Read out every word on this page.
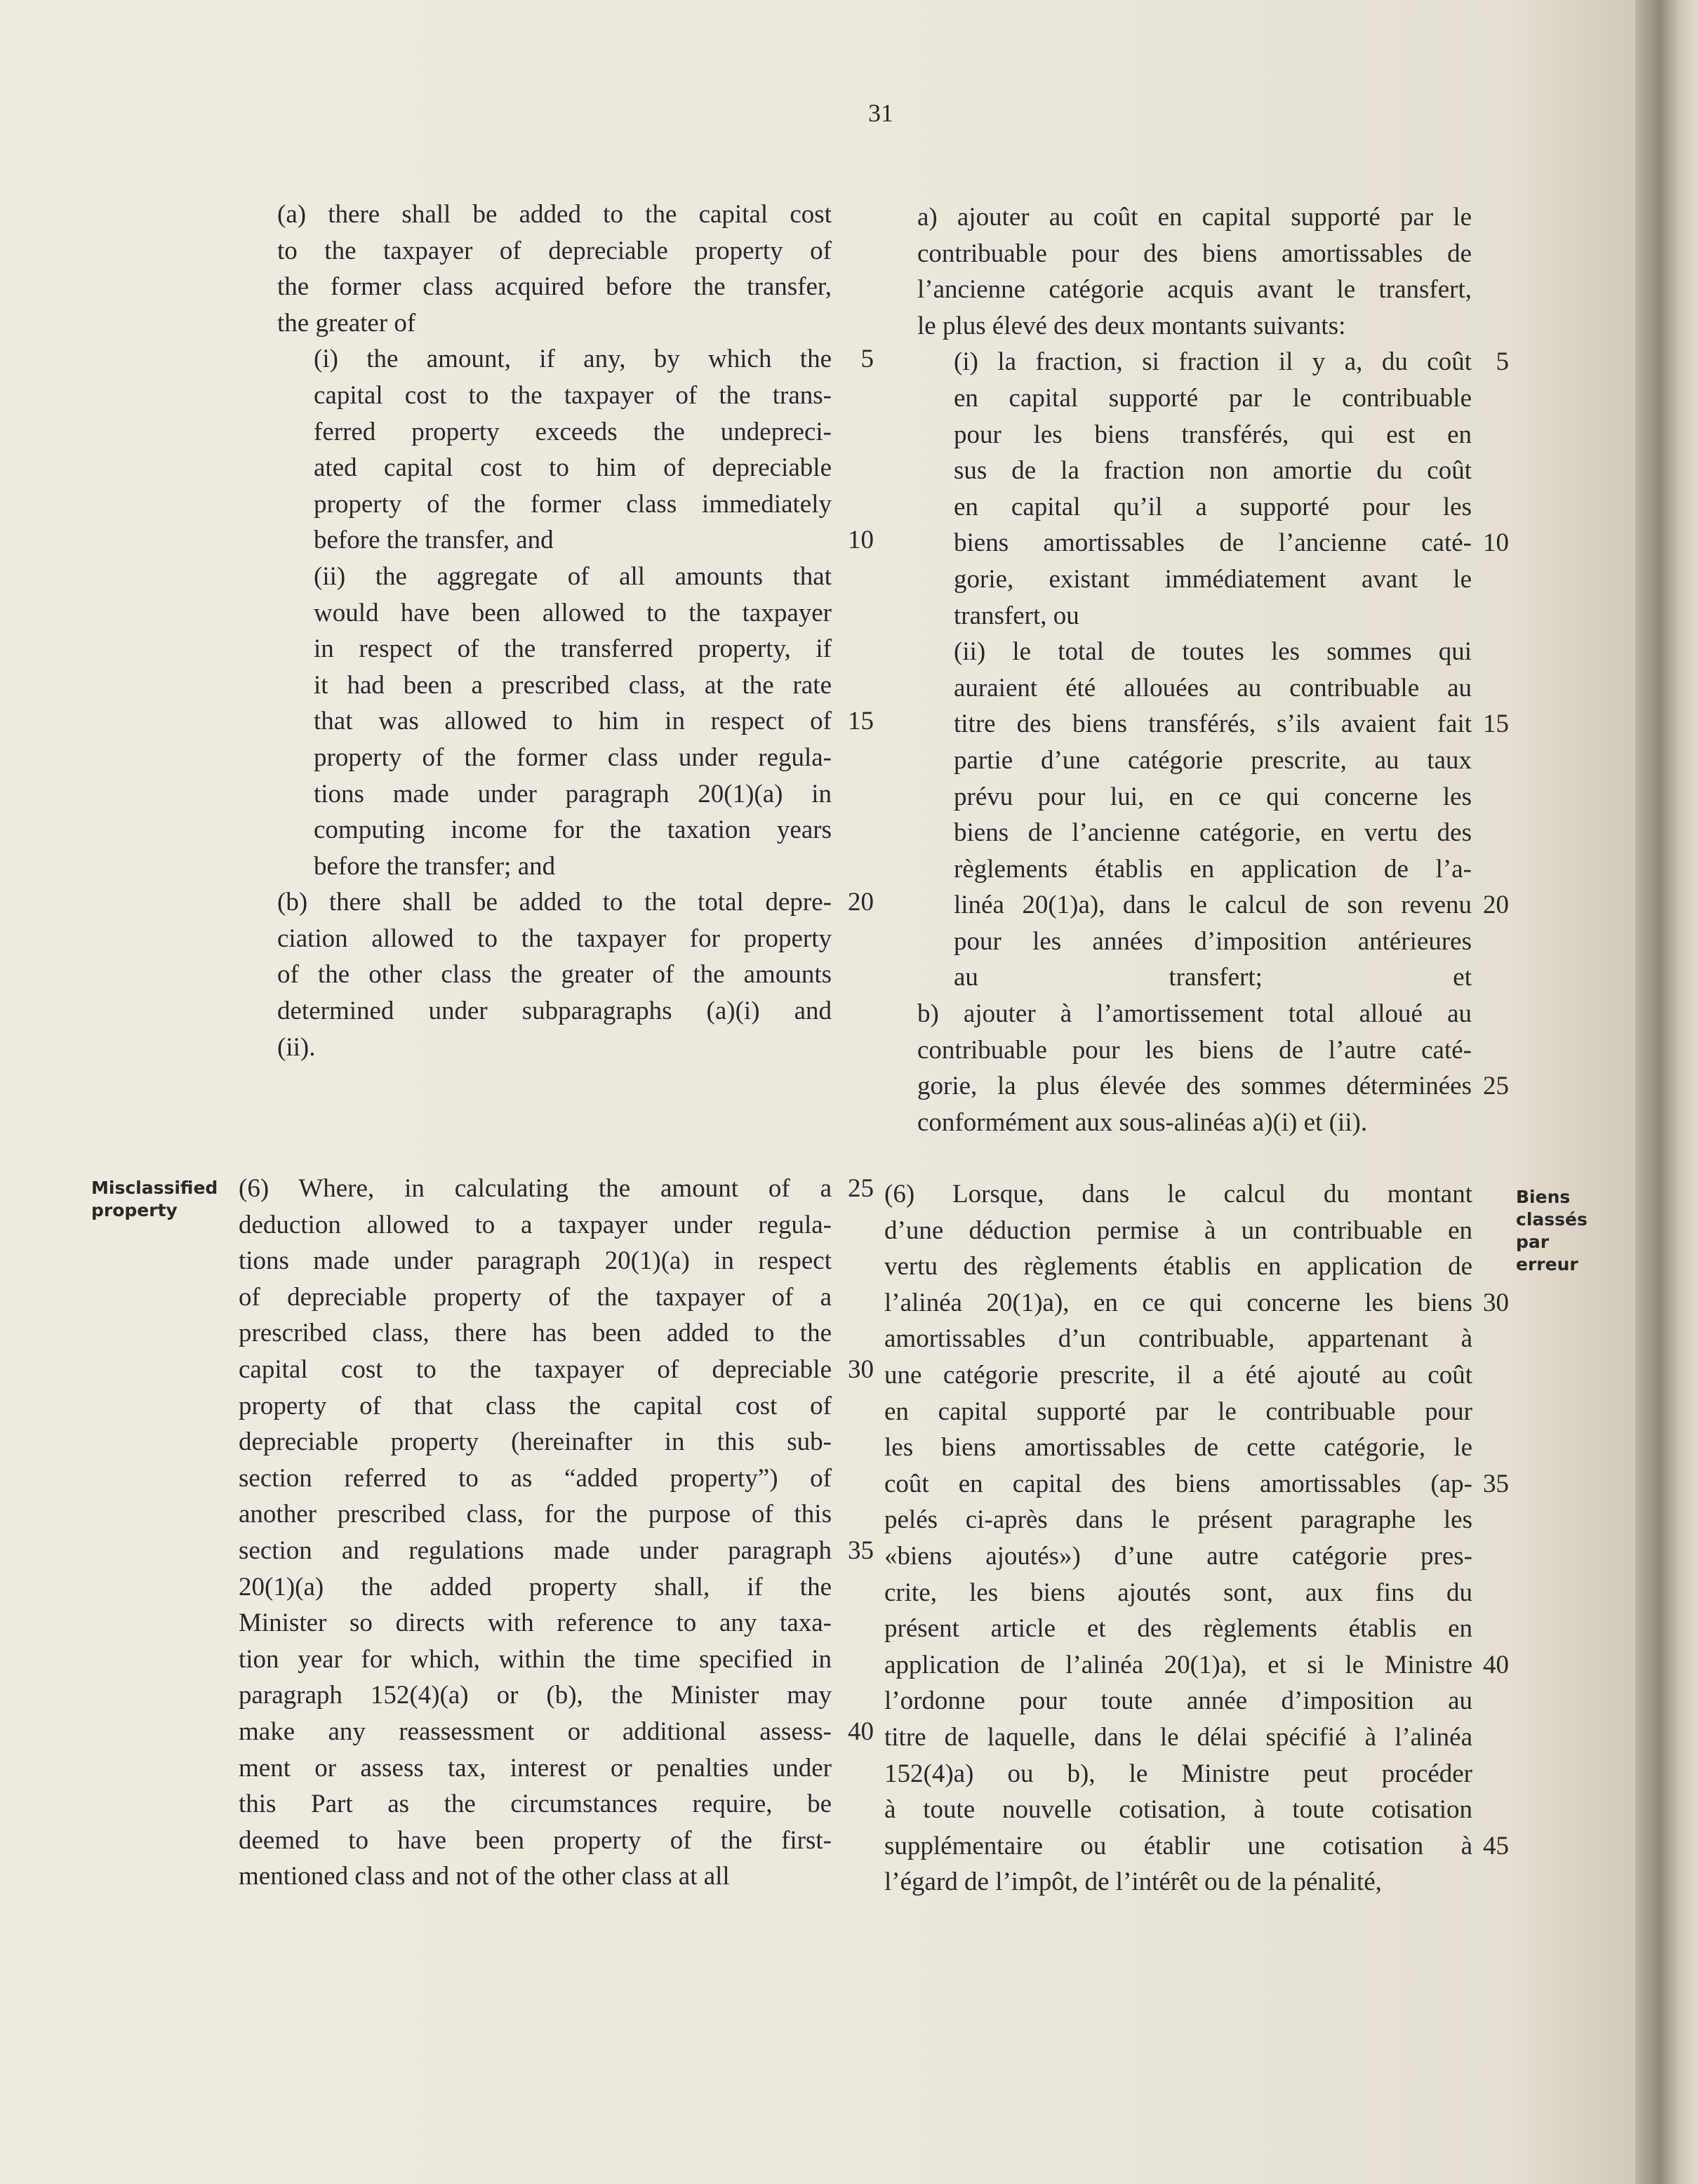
31
(a) there shall be added to the capital cost
to the taxpayer of depreciable property of
the former class acquired before the transfer,
the greater of
(i) the amount, if any, by which the
capital cost to the taxpayer of the trans-
ferred property exceeds the undepreci-
ated capital cost to him of depreciable
property of the former class immediately
before the transfer, and
(ii) the aggregate of all amounts that
would have been allowed to the taxpayer
in respect of the transferred property, if
it had been a prescribed class, at the rate
that was allowed to him in respect of
property of the former class under regula-
tions made under paragraph 20(1)(a) in
computing income for the taxation years
before the transfer; and
(b) there shall be added to the total depre-
ciation allowed to the taxpayer for property
of the other class the greater of the amounts
determined under subparagraphs (a)(i) and
(ii).
5
10
15
20
Misclassified
property
(6) Where, in calculating the amount of a
deduction allowed to a taxpayer under regula-
tions made under paragraph 20(1)(a) in respect
of depreciable property of the taxpayer of a
prescribed class, there has been added to the
capital cost to the taxpayer of depreciable
property of that class the capital cost of
depreciable property (hereinafter in this sub-
section referred to as “added property”) of
another prescribed class, for the purpose of this
section and regulations made under paragraph
20(1)(a) the added property shall, if the
Minister so directs with reference to any taxa-
tion year for which, within the time specified in
paragraph 152(4)(a) or (b), the Minister may
make any reassessment or additional assess-
ment or assess tax, interest or penalties under
this Part as the circumstances require, be
deemed to have been property of the first-
mentioned class and not of the other class at all
25
30
35
40
a) ajouter au coût en capital supporté par le
contribuable pour des biens amortissables de
l’ancienne catégorie acquis avant le transfert,
le plus élevé des deux montants suivants:
(i) la fraction, si fraction il y a, du coût
en capital supporté par le contribuable
pour les biens transférés, qui est en
sus de la fraction non amortie du coût
en capital qu’il a supporté pour les
biens amortissables de l’ancienne caté-
gorie, existant immédiatement avant le
transfert, ou
(ii) le total de toutes les sommes qui
auraient été allouées au contribuable au
titre des biens transférés, s’ils avaient fait
partie d’une catégorie prescrite, au taux
prévu pour lui, en ce qui concerne les
biens de l’ancienne catégorie, en vertu des
règlements établis en application de l’a-
linéa 20(1)a), dans le calcul de son revenu
pour les années d’imposition antérieures
au transfert; et
b) ajouter à l’amortissement total alloué au
contribuable pour les biens de l’autre caté-
gorie, la plus élevée des sommes déterminées
conformément aux sous-alinéas a)(i) et (ii).
5
10
15
20
25
Biens
classés
par
erreur
(6) Lorsque, dans le calcul du montant
d’une déduction permise à un contribuable en
vertu des règlements établis en application de
l’alinéa 20(1)a), en ce qui concerne les biens
amortissables d’un contribuable, appartenant à
une catégorie prescrite, il a été ajouté au coût
en capital supporté par le contribuable pour
les biens amortissables de cette catégorie, le
coût en capital des biens amortissables (ap-
pelés ci-après dans le présent paragraphe les
«biens ajoutés») d’une autre catégorie pres-
crite, les biens ajoutés sont, aux fins du
présent article et des règlements établis en
application de l’alinéa 20(1)a), et si le Ministre
l’ordonne pour toute année d’imposition au
titre de laquelle, dans le délai spécifié à l’alinéa
152(4)a) ou b), le Ministre peut procéder
à toute nouvelle cotisation, à toute cotisation
supplémentaire ou établir une cotisation à
l’égard de l’impôt, de l’intérêt ou de la pénalité,
30
35
40
45
